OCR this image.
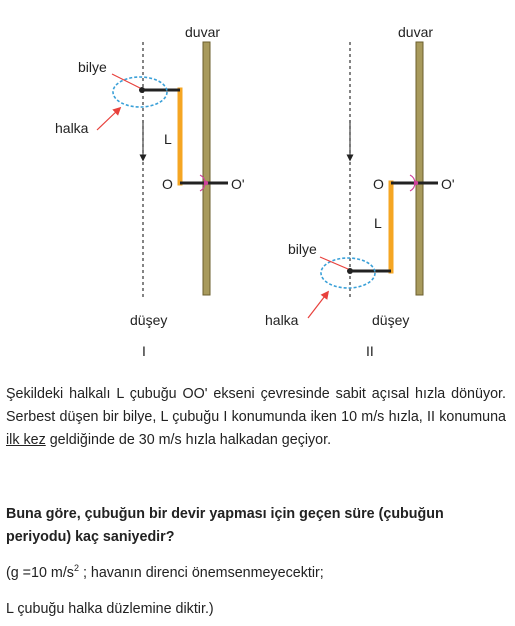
duvar
bilye
halka
L
O	O'
düşey
I
duvar
bilye
halka
L
O	O'
düşey
II

Şekildeki halkalı L çubuğu OO' ekseni çevresinde sabit açısal hızla dönüyor. Serbest düşen bir bilye, L çubuğu I konumunda iken 10 m/s hızla, II konumuna ilk kez geldiğinde de 30 m/s hızla halkadan geçiyor.

Buna göre, çubuğun bir devir yapması için geçen süre (çubuğun periyodu) kaç saniyedir?

(g =10 $m/s^2$ ; havanın direnci önemsenmeyecektir;

L çubuğu halka düzlemine diktir.)
